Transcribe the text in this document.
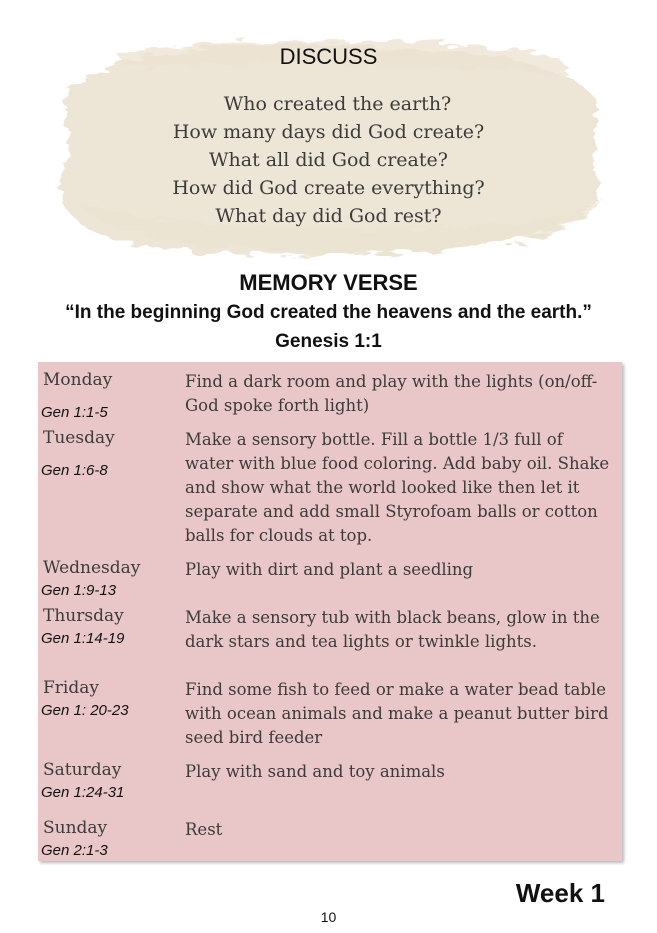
DISCUSS
Who created the earth?
How many days did God create?
What all did God create?
How did God create everything?
What day did God rest?
MEMORY VERSE
“In the beginning God created the heavens and the earth.”
Genesis 1:1
Monday
Gen 1:1-5
Find a dark room and play with the lights (on/off-God spoke forth light)
Tuesday
Gen 1:6-8
Make a sensory bottle. Fill a bottle 1/3 full of water with blue food coloring. Add baby oil. Shake and show what the world looked like then let it separate and add small Styrofoam balls or cotton balls for clouds at top.
Wednesday
Gen 1:9-13
Play with dirt and plant a seedling
Thursday
Gen 1:14-19
Make a sensory tub with black beans, glow in the dark stars and tea lights or twinkle lights.
Friday
Gen 1: 20-23
Find some fish to feed or make a water bead table with ocean animals and make a peanut butter bird seed bird feeder
Saturday
Gen 1:24-31
Play with sand and toy animals
Sunday
Gen 2:1-3
Rest
Week 1
10
